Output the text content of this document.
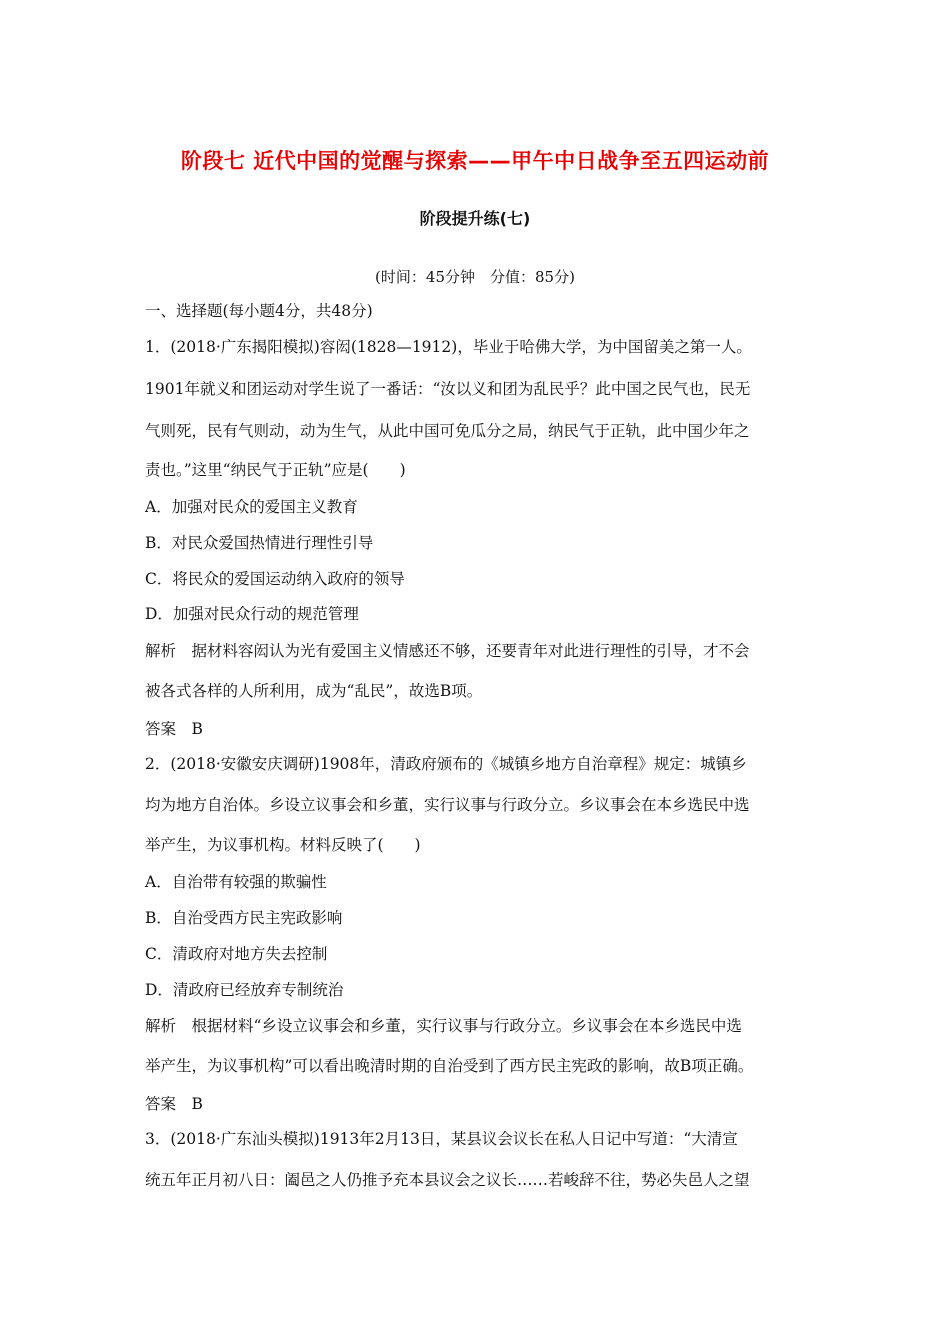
阶段七 近代中国的觉醒与探索——甲午中日战争至五四运动前
阶段提升练(七)
(时间：45分钟　分值：85分)
一、选择题(每小题4分，共48分)
1．(2018·广东揭阳模拟)容闳(1828—1912)，毕业于哈佛大学，为中国留美之第一人。
1901年就义和团运动对学生说了一番话：“汝以义和团为乱民乎？此中国之民气也，民无
气则死，民有气则动，动为生气，从此中国可免瓜分之局，纳民气于正轨，此中国少年之
责也。”这里“纳民气于正轨”应是(　　)
A．加强对民众的爱国主义教育
B．对民众爱国热情进行理性引导
C．将民众的爱国运动纳入政府的领导
D．加强对民众行动的规范管理
解析　据材料容闳认为光有爱国主义情感还不够，还要青年对此进行理性的引导，才不会
被各式各样的人所利用，成为“乱民”，故选B项。
答案　B
2．(2018·安徽安庆调研)1908年，清政府颁布的《城镇乡地方自治章程》规定：城镇乡
均为地方自治体。乡设立议事会和乡董，实行议事与行政分立。乡议事会在本乡选民中选
举产生，为议事机构。材料反映了(　　)
A．自治带有较强的欺骗性
B．自治受西方民主宪政影响
C．清政府对地方失去控制
D．清政府已经放弃专制统治
解析　根据材料“乡设立议事会和乡董，实行议事与行政分立。乡议事会在本乡选民中选
举产生，为议事机构”可以看出晚清时期的自治受到了西方民主宪政的影响，故B项正确。
答案　B
3．(2018·广东汕头模拟)1913年2月13日，某县议会议长在私人日记中写道：“大清宣
统五年正月初八日：阖邑之人仍推予充本县议会之议长……若峻辞不往，势必失邑人之望
